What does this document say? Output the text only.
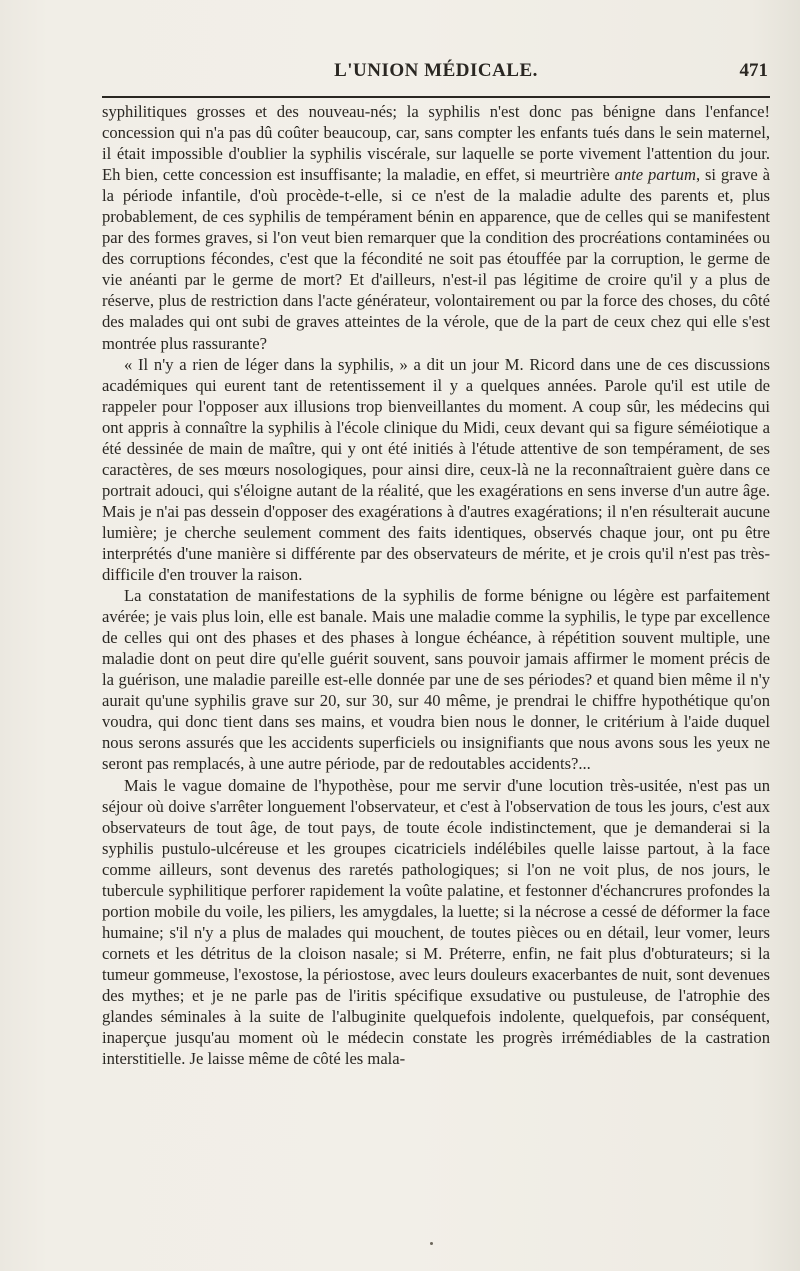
L'UNION MÉDICALE.	471

syphilitiques grosses et des nouveau-nés; la syphilis n'est donc pas bénigne dans l'enfance! concession qui n'a pas dû coûter beaucoup, car, sans compter les enfants tués dans le sein maternel, il était impossible d'oublier la syphilis viscérale, sur laquelle se porte vivement l'attention du jour. Eh bien, cette concession est insuffisante; la maladie, en effet, si meurtrière ante partum, si grave à la période infantile, d'où procède-t-elle, si ce n'est de la maladie adulte des parents et, plus probablement, de ces syphilis de tempérament bénin en apparence, que de celles qui se manifestent par des formes graves, si l'on veut bien remarquer que la condition des procréations contaminées ou des corruptions fécondes, c'est que la fécondité ne soit pas étouffée par la corruption, le germe de vie anéanti par le germe de mort? Et d'ailleurs, n'est-il pas légitime de croire qu'il y a plus de réserve, plus de restriction dans l'acte générateur, volontairement ou par la force des choses, du côté des malades qui ont subi de graves atteintes de la vérole, que de la part de ceux chez qui elle s'est montrée plus rassurante?

« Il n'y a rien de léger dans la syphilis, » a dit un jour M. Ricord dans une de ces discussions académiques qui eurent tant de retentissement il y a quelques années. Parole qu'il est utile de rappeler pour l'opposer aux illusions trop bienveillantes du moment. A coup sûr, les médecins qui ont appris à connaître la syphilis à l'école clinique du Midi, ceux devant qui sa figure séméiotique a été dessinée de main de maître, qui y ont été initiés à l'étude attentive de son tempérament, de ses caractères, de ses mœurs nosologiques, pour ainsi dire, ceux-là ne la reconnaîtraient guère dans ce portrait adouci, qui s'éloigne autant de la réalité, que les exagérations en sens inverse d'un autre âge. Mais je n'ai pas dessein d'opposer des exagérations à d'autres exagérations; il n'en résulterait aucune lumière; je cherche seulement comment des faits identiques, observés chaque jour, ont pu être interprétés d'une manière si différente par des observateurs de mérite, et je crois qu'il n'est pas très-difficile d'en trouver la raison.

La constatation de manifestations de la syphilis de forme bénigne ou légère est parfaitement avérée; je vais plus loin, elle est banale. Mais une maladie comme la syphilis, le type par excellence de celles qui ont des phases et des phases à longue échéance, à répétition souvent multiple, une maladie dont on peut dire qu'elle guérit souvent, sans pouvoir jamais affirmer le moment précis de la guérison, une maladie pareille est-elle donnée par une de ses périodes? et quand bien même il n'y aurait qu'une syphilis grave sur 20, sur 30, sur 40 même, je prendrai le chiffre hypothétique qu'on voudra, qui donc tient dans ses mains, et voudra bien nous le donner, le critérium à l'aide duquel nous serons assurés que les accidents superficiels ou insignifiants que nous avons sous les yeux ne seront pas remplacés, à une autre période, par de redoutables accidents?...

Mais le vague domaine de l'hypothèse, pour me servir d'une locution très-usitée, n'est pas un séjour où doive s'arrêter longuement l'observateur, et c'est à l'observation de tous les jours, c'est aux observateurs de tout âge, de tout pays, de toute école indistinctement, que je demanderai si la syphilis pustulo-ulcéreuse et les groupes cicatriciels indélébiles quelle laisse partout, à la face comme ailleurs, sont devenus des raretés pathologiques; si l'on ne voit plus, de nos jours, le tubercule syphilitique perforer rapidement la voûte palatine, et festonner d'échancrures profondes la portion mobile du voile, les piliers, les amygdales, la luette; si la nécrose a cessé de déformer la face humaine; s'il n'y a plus de malades qui mouchent, de toutes pièces ou en détail, leur vomer, leurs cornets et les détritus de la cloison nasale; si M. Préterre, enfin, ne fait plus d'obturateurs; si la tumeur gommeuse, l'exostose, la périostose, avec leurs douleurs exacerbantes de nuit, sont devenues des mythes; et je ne parle pas de l'iritis spécifique exsudative ou pustuleuse, de l'atrophie des glandes séminales à la suite de l'albuginite quelquefois indolente, quelquefois, par conséquent, inaperçue jusqu'au moment où le médecin constate les progrès irrémédiables de la castration interstitielle. Je laisse même de côté les mala-
